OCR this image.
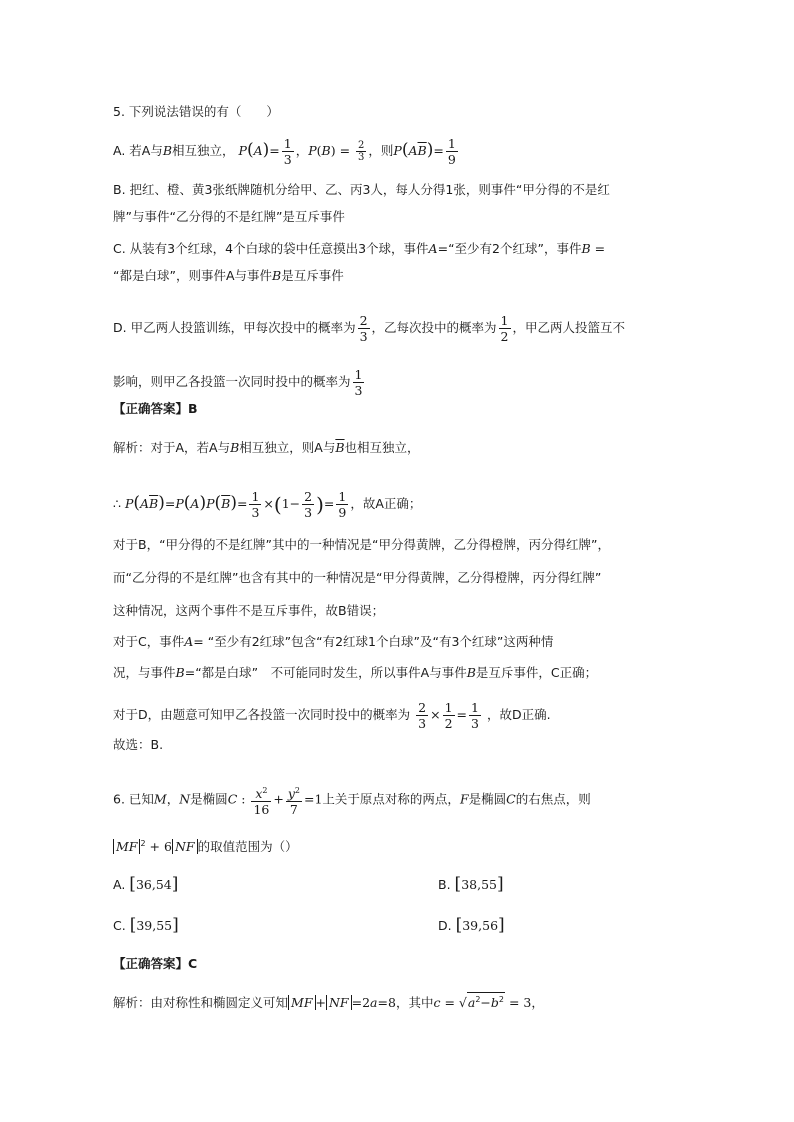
5. 下列说法错误的有（　　）
A. 若A与B相互独立， $P(A)= \frac{1}{3}$ ，$P(B) = \frac{2}{3}$ ，则$P(A\overline{B})= \frac{1}{9}$
B. 把红、橙、黄3张纸牌随机分给甲、乙、丙3人，每人分得1张，则事件“甲分得的不是红
牌”与事件“乙分得的不是红牌”是互斥事件
C. 从装有3个红球，4个白球的袋中任意摸出3个球，事件A=“至少有2个红球”，事件B =
“都是白球”，则事件A与事件B是互斥事件
D. 甲乙两人投篮训练，甲每次投中的概率为 $\frac{2}{3}$ ，乙每次投中的概率为 $\frac{1}{2}$ ，甲乙两人投篮互不
影响，则甲乙各投篮一次同时投中的概率为 $\frac{1}{3}$
【正确答案】B
解析：对于A，若A与B相互独立，则A与$\overline{B}$也相互独立，
∴ $P(A\overline{B})=P(A)P(\overline{B})= \frac{1}{3} \times(1- \frac{2}{3}$ )= $\frac{1}{9}$ ，故A正确；
对于B，“甲分得的不是红牌”其中的一种情况是“甲分得黄牌，乙分得橙牌，丙分得红牌”，
而“乙分得的不是红牌”也含有其中的一种情况是“甲分得黄牌，乙分得橙牌，丙分得红牌”
这种情况，这两个事件不是互斥事件，故B错误；
对于C，事件A= “至少有2红球”包含“有2红球1个白球”及“有3个红球”这两种情
况，与事件B=“都是白球”　不可能同时发生，所以事件A与事件B是互斥事件，C正确；
对于D，由题意可知甲乙各投篮一次同时投中的概率为 $\frac{2}{3} \times \frac{1}{2} = \frac{1}{3}$ ，故D正确.
故选：B.
6. 已知M，N是椭圆C : $\frac{x^2}{16} + \frac{y^2}{7} =1$上关于原点对称的两点，F是椭圆C的右焦点，则
MF $^2$ + 6 NF 的取值范围为（）
A. [36,54]	B. [38,55]
C. [39,55]	D. [39,56]
【正确答案】C
解析：由对称性和椭圆定义可知 MF + NF =2a=8，其中$c = √a^2-b^2 = 3$，
